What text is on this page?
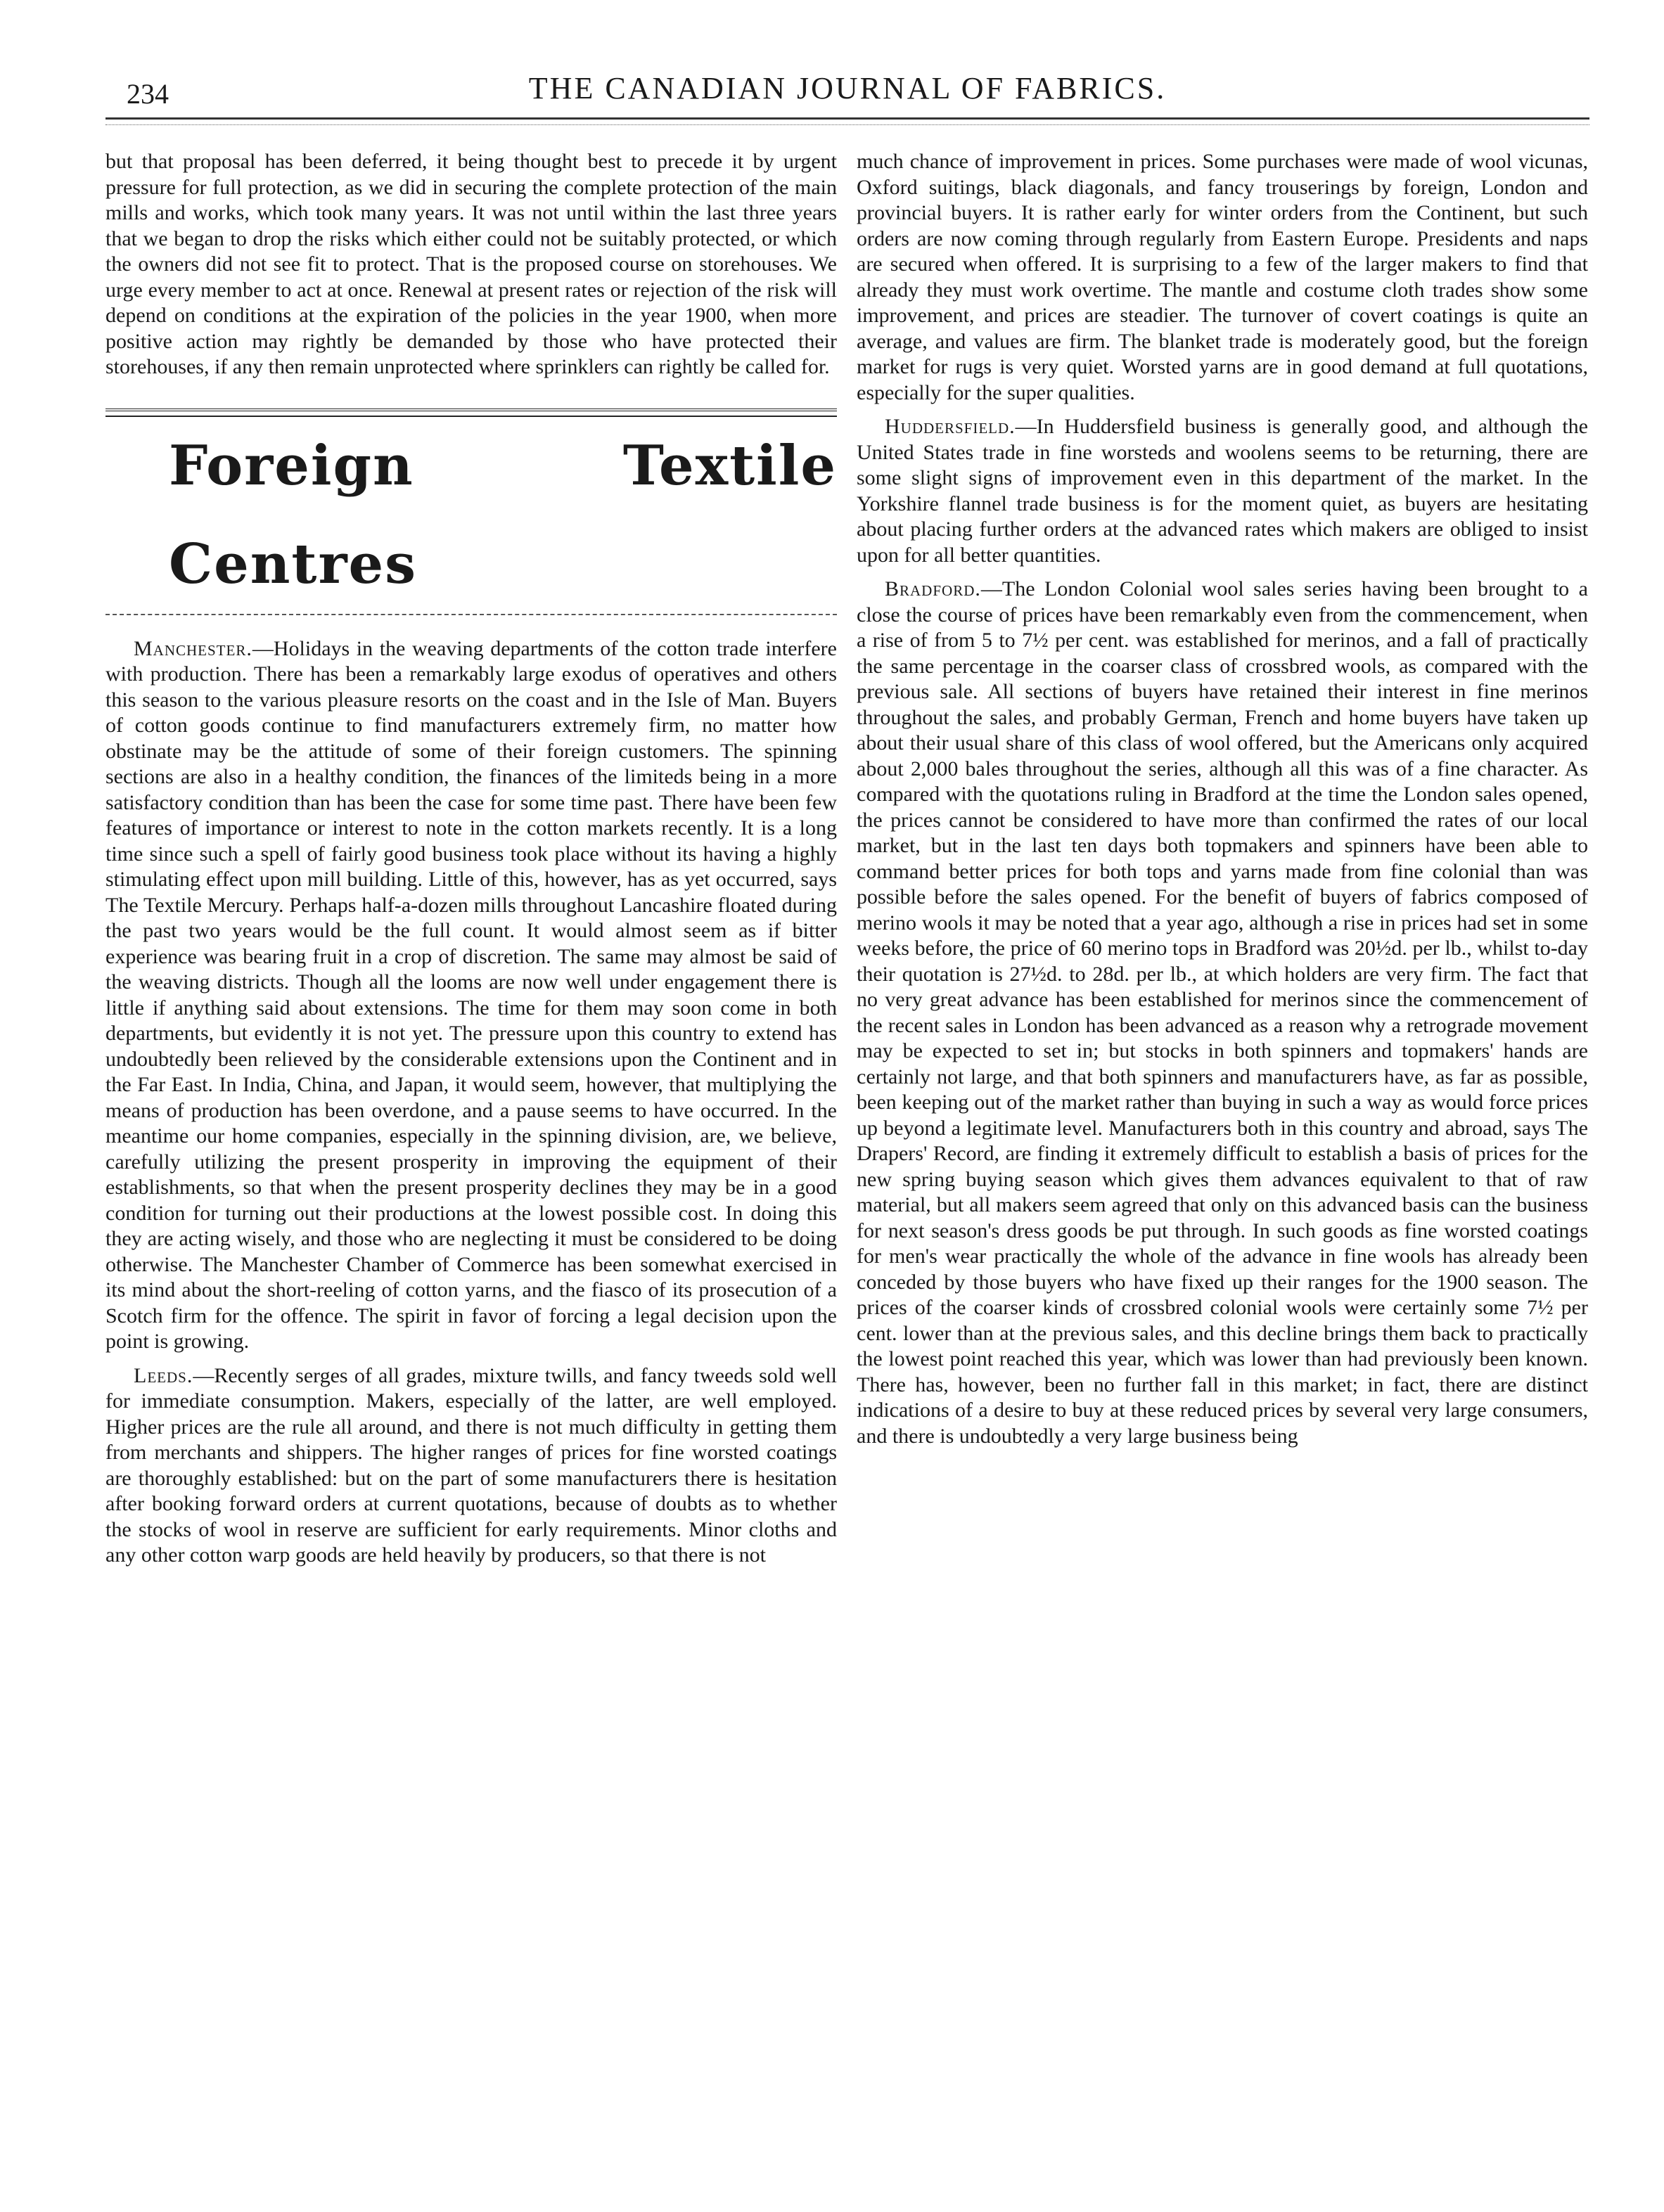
234	THE CANADIAN JOURNAL OF FABRICS.

but that proposal has been deferred, it being thought best to precede it by urgent pressure for full protection, as we did in securing the complete protection of the main mills and works, which took many years. It was not until within the last three years that we began to drop the risks which either could not be suitably protected, or which the owners did not see fit to protect. That is the proposed course on storehouses. We urge every member to act at once. Renewal at present rates or rejection of the risk will depend on conditions at the expiration of the policies in the year 1900, when more positive action may rightly be demanded by those who have protected their storehouses, if any then remain unprotected where sprinklers can rightly be called for.

Foreign Textile Centres

Manchester.—Holidays in the weaving departments of the cotton trade interfere with production. There has been a remarkably large exodus of operatives and others this season to the various pleasure resorts on the coast and in the Isle of Man. Buyers of cotton goods continue to find manufacturers extremely firm, no matter how obstinate may be the attitude of some of their foreign customers. The spinning sections are also in a healthy condition, the finances of the limiteds being in a more satisfactory condition than has been the case for some time past. There have been few features of importance or interest to note in the cotton markets recently. It is a long time since such a spell of fairly good business took place without its having a highly stimulating effect upon mill building. Little of this, however, has as yet occurred, says The Textile Mercury. Perhaps half-a-dozen mills throughout Lancashire floated during the past two years would be the full count. It would almost seem as if bitter experience was bearing fruit in a crop of discretion. The same may almost be said of the weaving districts. Though all the looms are now well under engagement there is little if anything said about extensions. The time for them may soon come in both departments, but evidently it is not yet. The pressure upon this country to extend has undoubtedly been relieved by the considerable extensions upon the Continent and in the Far East. In India, China, and Japan, it would seem, however, that multiplying the means of production has been overdone, and a pause seems to have occurred. In the meantime our home companies, especially in the spinning division, are, we believe, carefully utilizing the present prosperity in improving the equipment of their establishments, so that when the present prosperity declines they may be in a good condition for turning out their productions at the lowest possible cost. In doing this they are acting wisely, and those who are neglecting it must be considered to be doing otherwise. The Manchester Chamber of Commerce has been somewhat exercised in its mind about the short-reeling of cotton yarns, and the fiasco of its prosecution of a Scotch firm for the offence. The spirit in favor of forcing a legal decision upon the point is growing.

Leeds.—Recently serges of all grades, mixture twills, and fancy tweeds sold well for immediate consumption. Makers, especially of the latter, are well employed. Higher prices are the rule all around, and there is not much difficulty in getting them from merchants and shippers. The higher ranges of prices for fine worsted coatings are thoroughly established: but on the part of some manufacturers there is hesitation after booking forward orders at current quotations, because of doubts as to whether the stocks of wool in reserve are sufficient for early requirements. Minor cloths and any other cotton warp goods are held heavily by producers, so that there is not

much chance of improvement in prices. Some purchases were made of wool vicunas, Oxford suitings, black diagonals, and fancy trouserings by foreign, London and provincial buyers. It is rather early for winter orders from the Continent, but such orders are now coming through regularly from Eastern Europe. Presidents and naps are secured when offered. It is surprising to a few of the larger makers to find that already they must work overtime. The mantle and costume cloth trades show some improvement, and prices are steadier. The turnover of covert coatings is quite an average, and values are firm. The blanket trade is moderately good, but the foreign market for rugs is very quiet. Worsted yarns are in good demand at full quotations, especially for the super qualities.

Huddersfield.—In Huddersfield business is generally good, and although the United States trade in fine worsteds and woolens seems to be returning, there are some slight signs of improvement even in this department of the market. In the Yorkshire flannel trade business is for the moment quiet, as buyers are hesitating about placing further orders at the advanced rates which makers are obliged to insist upon for all better quantities.

Bradford.—The London Colonial wool sales series having been brought to a close the course of prices have been remarkably even from the commencement, when a rise of from 5 to 7½ per cent. was established for merinos, and a fall of practically the same percentage in the coarser class of crossbred wools, as compared with the previous sale. All sections of buyers have retained their interest in fine merinos throughout the sales, and probably German, French and home buyers have taken up about their usual share of this class of wool offered, but the Americans only acquired about 2,000 bales throughout the series, although all this was of a fine character. As compared with the quotations ruling in Bradford at the time the London sales opened, the prices cannot be considered to have more than confirmed the rates of our local market, but in the last ten days both topmakers and spinners have been able to command better prices for both tops and yarns made from fine colonial than was possible before the sales opened. For the benefit of buyers of fabrics composed of merino wools it may be noted that a year ago, although a rise in prices had set in some weeks before, the price of 60 merino tops in Bradford was 20½d. per lb., whilst to-day their quotation is 27½d. to 28d. per lb., at which holders are very firm. The fact that no very great advance has been established for merinos since the commencement of the recent sales in London has been advanced as a reason why a retrograde movement may be expected to set in; but stocks in both spinners and topmakers' hands are certainly not large, and that both spinners and manufacturers have, as far as possible, been keeping out of the market rather than buying in such a way as would force prices up beyond a legitimate level. Manufacturers both in this country and abroad, says The Drapers' Record, are finding it extremely difficult to establish a basis of prices for the new spring buying season which gives them advances equivalent to that of raw material, but all makers seem agreed that only on this advanced basis can the business for next season's dress goods be put through. In such goods as fine worsted coatings for men's wear practically the whole of the advance in fine wools has already been conceded by those buyers who have fixed up their ranges for the 1900 season. The prices of the coarser kinds of crossbred colonial wools were certainly some 7½ per cent. lower than at the previous sales, and this decline brings them back to practically the lowest point reached this year, which was lower than had previously been known. There has, however, been no further fall in this market; in fact, there are distinct indications of a desire to buy at these reduced prices by several very large consumers, and there is undoubtedly a very large business being
